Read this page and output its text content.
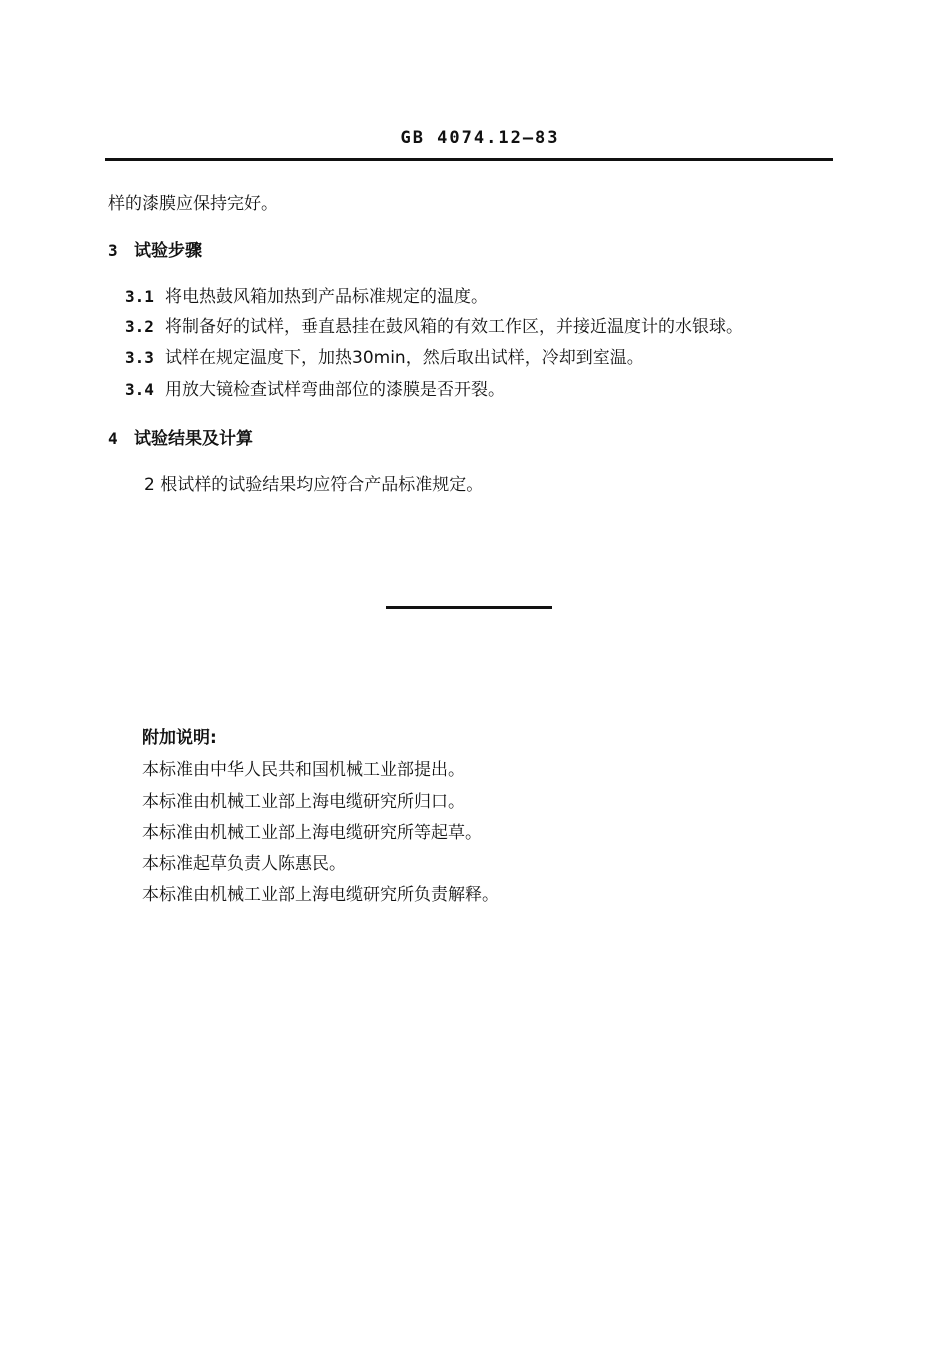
GB 4074.12—83
样的漆膜应保持完好。
3 试验步骤
3.1 将电热鼓风箱加热到产品标准规定的温度。
3.2 将制备好的试样，垂直悬挂在鼓风箱的有效工作区，并接近温度计的水银球。
3.3 试样在规定温度下，加热30min，然后取出试样，冷却到室温。
3.4 用放大镜检查试样弯曲部位的漆膜是否开裂。
4 试验结果及计算
2 根试样的试验结果均应符合产品标准规定。
附加说明:
本标准由中华人民共和国机械工业部提出。
本标准由机械工业部上海电缆研究所归口。
本标准由机械工业部上海电缆研究所等起草。
本标准起草负责人陈惠民。
本标准由机械工业部上海电缆研究所负责解释。
